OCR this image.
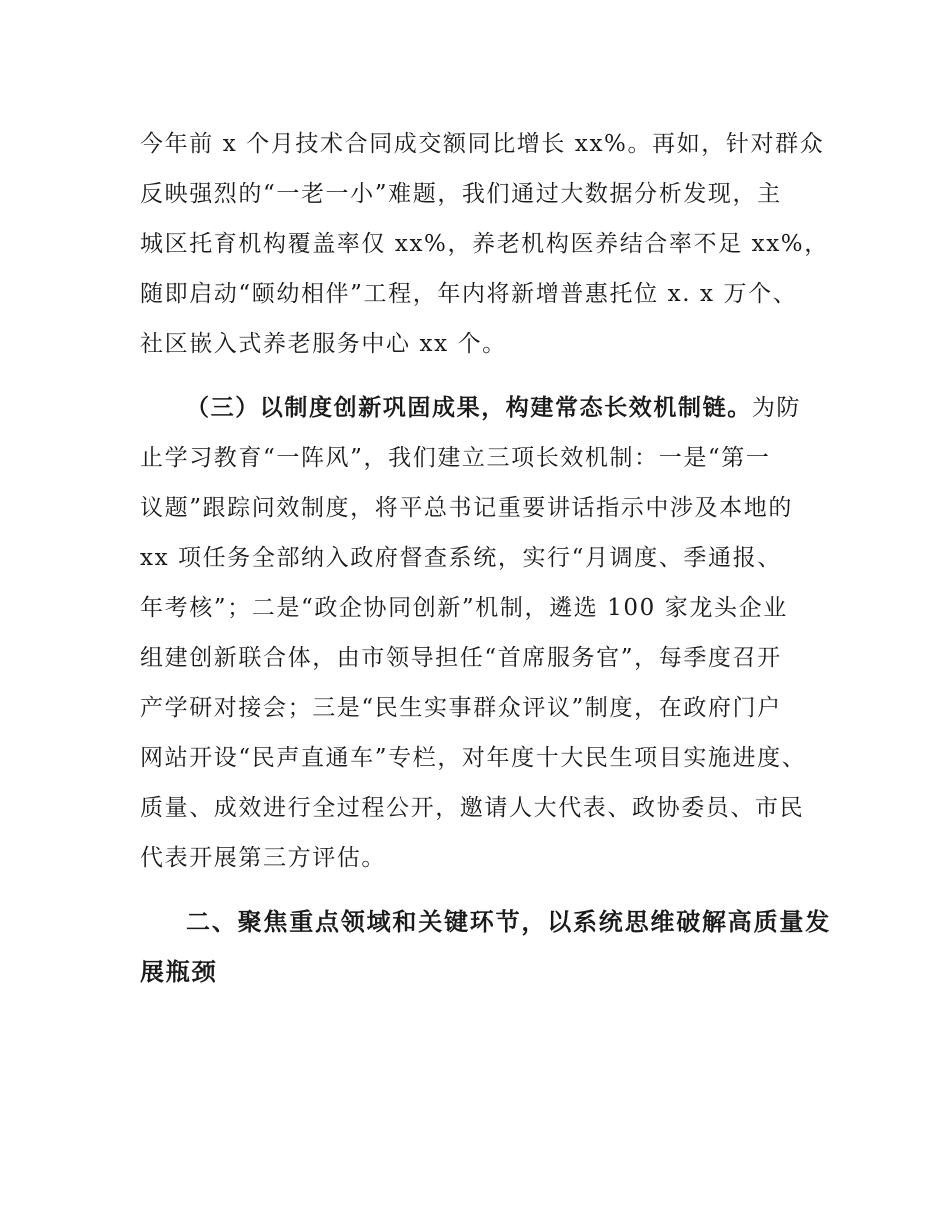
今年前 x 个月技术合同成交额同比增长 xx%。再如，针对群众
反映强烈的“一老一小”难题，我们通过大数据分析发现，主
城区托育机构覆盖率仅 xx%，养老机构医养结合率不足 xx%，
随即启动“颐幼相伴”工程，年内将新增普惠托位 x. x 万个、
社区嵌入式养老服务中心 xx 个。
（三）以制度创新巩固成果，构建常态长效机制链。为防
止学习教育“一阵风”，我们建立三项长效机制：一是“第一
议题”跟踪问效制度，将平总书记重要讲话指示中涉及本地的
xx 项任务全部纳入政府督查系统，实行“月调度、季通报、
年考核”；二是“政企协同创新”机制，遴选 100 家龙头企业
组建创新联合体，由市领导担任“首席服务官”，每季度召开
产学研对接会；三是“民生实事群众评议”制度，在政府门户
网站开设“民声直通车”专栏，对年度十大民生项目实施进度、
质量、成效进行全过程公开，邀请人大代表、政协委员、市民
代表开展第三方评估。
二、聚焦重点领域和关键环节，以系统思维破解高质量发
展瓶颈
